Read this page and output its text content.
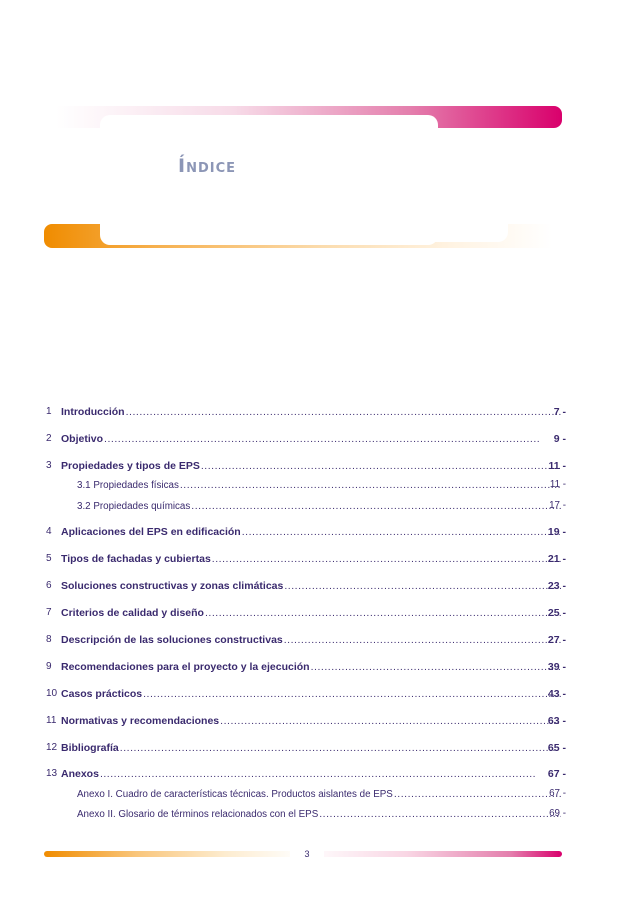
Índice
1 Introducción . . .	7 -
2 Objetivo . . .	9 -
3 Propiedades y tipos de EPS . . .	11 -
3.1 Propiedades físicas . . .	11 -
3.2 Propiedades químicas . . .	17 -
4 Aplicaciones del EPS en edificación . . .	19 -
5 Tipos de fachadas y cubiertas . . .	21 -
6 Soluciones constructivas y zonas climáticas . . .	23 -
7 Criterios de calidad y diseño . . .	25 -
8 Descripción de las soluciones constructivas . . .	27 -
9 Recomendaciones para el proyecto y la ejecución . . .	39 -
10 Casos prácticos . . .	43 -
11 Normativas y recomendaciones . . .	63 -
12 Bibliografía . . .	65 -
13 Anexos . . .	67 -
Anexo I. Cuadro de características técnicas. Productos aislantes de EPS . . .	67 -
Anexo II. Glosario de términos relacionados con el EPS . . .	69 -
3
